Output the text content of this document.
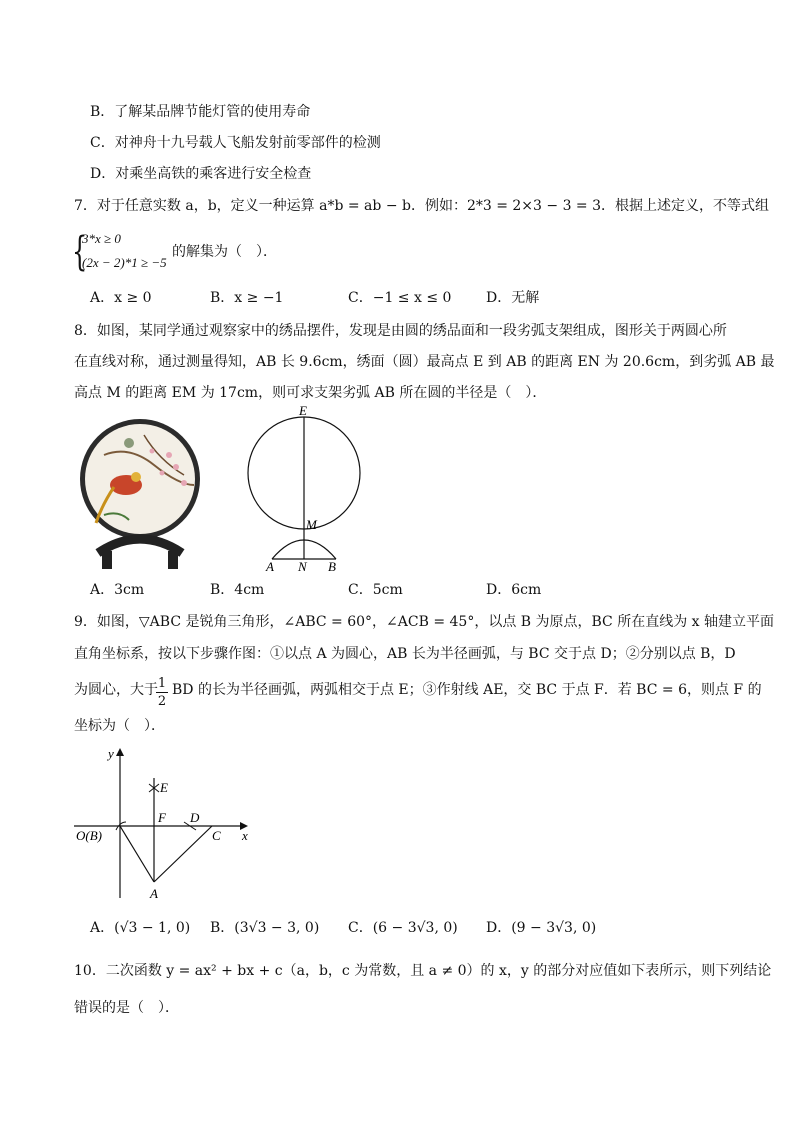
B．了解某品牌节能灯管的使用寿命
C．对神舟十九号载人飞船发射前零部件的检测
D．对乘坐高铁的乘客进行安全检查
7．对于任意实数 a，b，定义一种运算 a*b = ab − b．例如：2*3 = 2×3 − 3 = 3．根据上述定义，不等式组
{
3*x ≥ 0
(2x − 2)*1 ≥ −5
的解集为（　）．
A．x ≥ 0	B．x ≥ −1	C．−1 ≤ x ≤ 0 D．无解
8．如图，某同学通过观察家中的绣品摆件，发现是由圆的绣品面和一段劣弧支架组成，图形关于两圆心所
在直线对称，通过测量得知，AB 长 9.6cm，绣面（圆）最高点 E 到 AB 的距离 EN 为 20.6cm，到劣弧 AB 最
高点 M 的距离 EM 为 17cm，则可求支架劣弧 AB 所在圆的半径是（　）．
E
M
A N B
A．3cm	B．4cm	C．5cm	D．6cm
9．如图，▽ABC 是锐角三角形，∠ABC = 60°，∠ACB = 45°，以点 B 为原点，BC 所在直线为 x 轴建立平面
直角坐标系，按以下步骤作图：①以点 A 为圆心，AB 长为半径画弧，与 BC 交于点 D；②分别以点 B，D
为圆心，大于 1
2
BD 的长为半径画弧，两弧相交于点 E；③作射线 AE，交 BC 于点 F．若 BC = 6，则点 F 的
坐标为（　）．
y
x
O(B)
E
F D
C
A
A．(√3 − 1, 0) B．(3√3 − 3, 0) C．(6 − 3√3, 0) D．(9 − 3√3, 0)
10．二次函数 y = ax² + bx + c（a，b，c 为常数，且 a ≠ 0）的 x，y 的部分对应值如下表所示，则下列结论
错误的是（　）．
